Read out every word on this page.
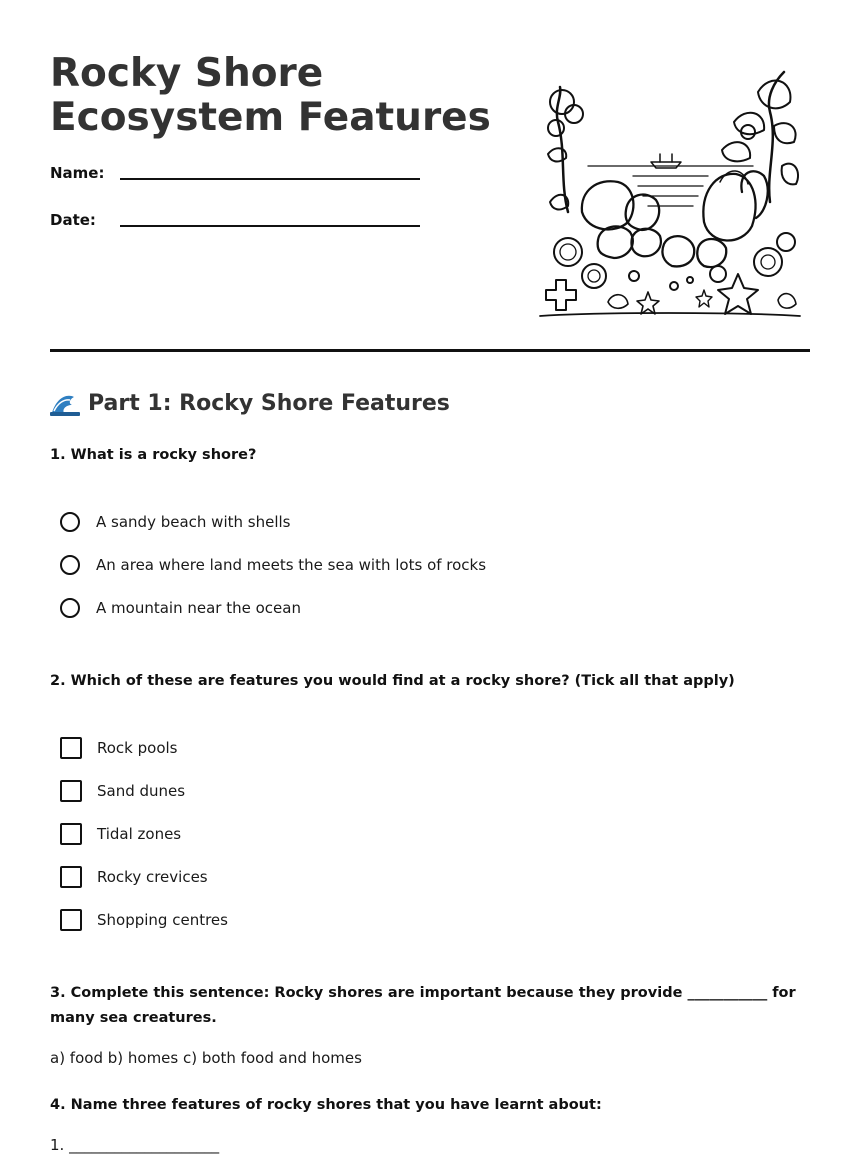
Rocky Shore Ecosystem Features
Name:
Date:
Part 1: Rocky Shore Features
1. What is a rocky shore?
A sandy beach with shells
An area where land meets the sea with lots of rocks
A mountain near the ocean
2. Which of these are features you would find at a rocky shore? (Tick all that apply)
Rock pools
Sand dunes
Tidal zones
Rocky crevices
Shopping centres
3. Complete this sentence: Rocky shores are important because they provide ___________ for many sea creatures.
a) food b) homes c) both food and homes
4. Name three features of rocky shores that you have learnt about:
1. ____________________
